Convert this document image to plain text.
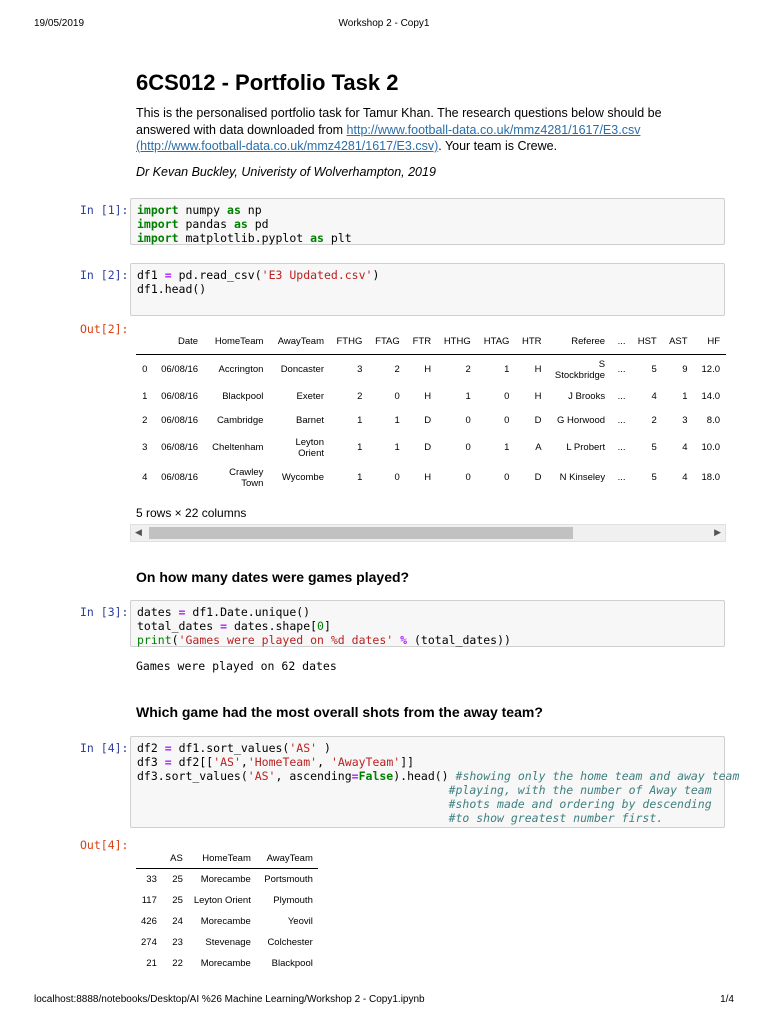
19/05/2019	Workshop 2 - Copy1
6CS012 - Portfolio Task 2
This is the personalised portfolio task for Tamur Khan. The research questions below should be answered with data downloaded from http://www.football-data.co.uk/mmz4281/1617/E3.csv (http://www.football-data.co.uk/mmz4281/1617/E3.csv). Your team is Crewe.
Dr Kevan Buckley, Univeristy of Wolverhampton, 2019
In [1]: import numpy as np
import pandas as pd
import matplotlib.pyplot as plt
In [2]: df1 = pd.read_csv('E3 Updated.csv')
df1.head()
Out[2]:
	Date	HomeTeam	AwayTeam	FTHG	FTAG	FTR	HTHG	HTAG	HTR	Referee	...	HST	AST	HF
0	06/08/16	Accrington	Doncaster	3	2	H	2	1	H	S Stockbridge	...	5	9	12.0
1	06/08/16	Blackpool	Exeter	2	0	H	1	0	H	J Brooks	...	4	1	14.0
2	06/08/16	Cambridge	Barnet	1	1	D	0	0	D	G Horwood	...	2	3	8.0
3	06/08/16	Cheltenham	Leyton Orient	1	1	D	0	1	A	L Probert	...	5	4	10.0
4	06/08/16	Crawley Town	Wycombe	1	0	H	0	0	D	N Kinseley	...	5	4	18.0
5 rows × 22 columns
◀	▶
On how many dates were games played?
In [3]: dates = df1.Date.unique()
total_dates = dates.shape[0]
print('Games were played on %d dates' % (total_dates))
Games were played on 62 dates
Which game had the most overall shots from the away team?
In [4]: df2 = df1.sort_values('AS' )
df3 = df2[['AS','HomeTeam', 'AwayTeam']]
df3.sort_values('AS', ascending=False).head() #showing only the home team and away team
#playing, with the number of Away team
#shots made and ordering by descending
#to show greatest number first.
Out[4]:
	AS	HomeTeam	AwayTeam
33	25	Morecambe	Portsmouth
117	25	Leyton Orient	Plymouth
426	24	Morecambe	Yeovil
274	23	Stevenage	Colchester
21	22	Morecambe	Blackpool
localhost:8888/notebooks/Desktop/AI %26 Machine Learning/Workshop 2 - Copy1.ipynb	1/4
